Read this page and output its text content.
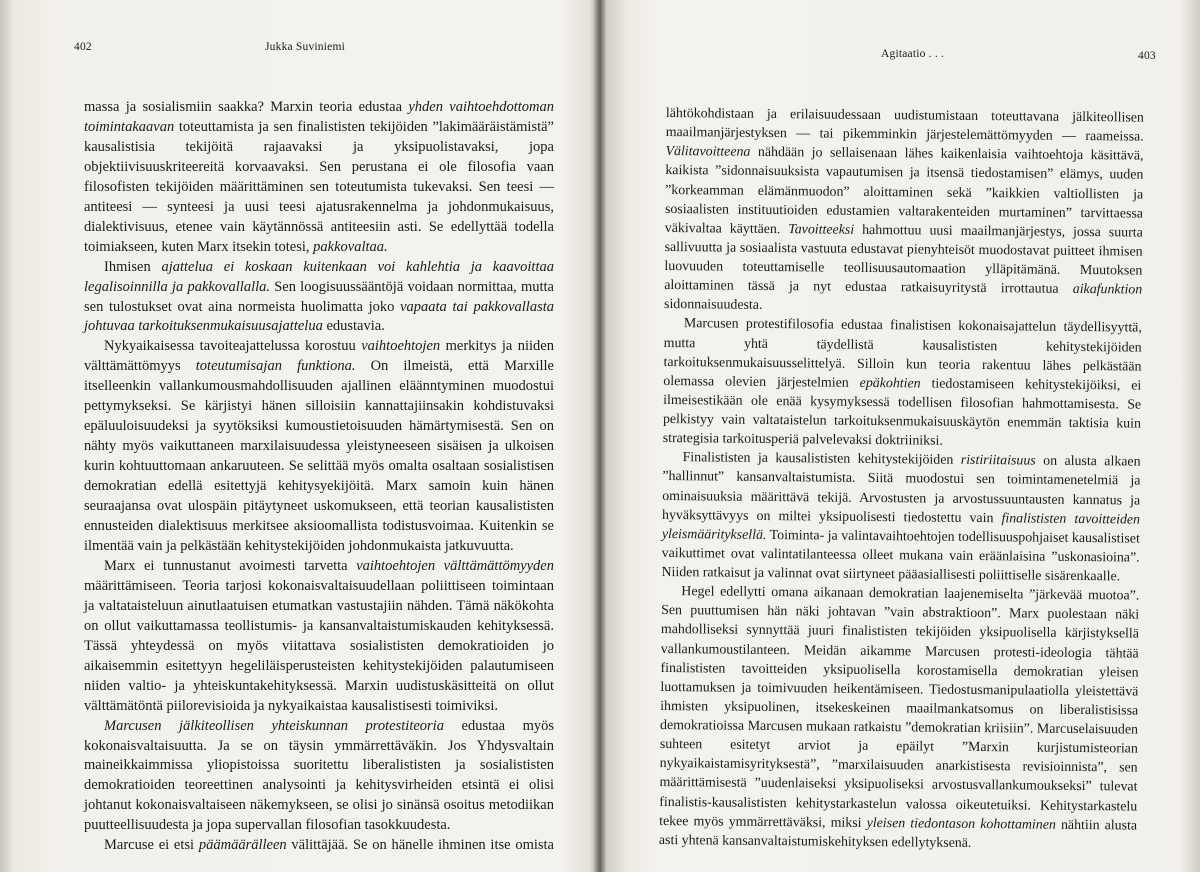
402	Jukka Suviniemi

massa ja sosialismiin saakka? Marxin teoria edustaa yhden vaihtoehdottoman toimintakaavan toteuttamista ja sen finalististen tekijöiden ”lakimääräistämistä” kausalistisia tekijöitä rajaavaksi ja yksipuolistavaksi, jopa objektiivisuuskriteereitä korvaavaksi. Sen perustana ei ole filosofia vaan filosofisten tekijöiden määrittäminen sen toteutumista tukevaksi. Sen teesi — antiteesi — synteesi ja uusi teesi ajatusrakennelma ja johdonmukaisuus, dialektivisuus, etenee vain käytännössä antiteesiin asti. Se edellyttää todella toimiakseen, kuten Marx itsekin totesi, pakkovaltaa.

Ihmisen ajattelua ei koskaan kuitenkaan voi kahlehtia ja kaavoittaa legalisoinnilla ja pakkovallalla. Sen loogisuussääntöjä voidaan normittaa, mutta sen tulostukset ovat aina normeista huolimatta joko vapaata tai pakkovallasta johtuvaa tarkoituksenmukaisuusajattelua edustavia.

Nykyaikaisessa tavoiteajattelussa korostuu vaihtoehtojen merkitys ja niiden välttämättömyys toteutumisajan funktiona. On ilmeistä, että Marxille itselleenkin vallankumousmahdollisuuden ajallinen eläänntyminen muodostui pettymykseksi. Se kärjistyi hänen silloisiin kannattajiinsakin kohdistuvaksi epäluuloisuudeksi ja syytöksiksi kumoustietoisuuden hämärtymisestä. Sen on nähty myös vaikuttaneen marxilaisuudessa yleistyneeseen sisäisen ja ulkoisen kurin kohtuuttomaan ankaruuteen. Se selittää myös omalta osaltaan sosialistisen demokratian edellä esitettyjä kehitysyekijöitä. Marx samoin kuin hänen seuraajansa ovat ulospäin pitäytyneet uskomukseen, että teorian kausalististen ennusteiden dialektisuus merkitsee aksioomallista todistusvoimaa. Kuitenkin se ilmentää vain ja pelkästään kehitystekijöiden johdonmukaista jatkuvuutta.

Marx ei tunnustanut avoimesti tarvetta vaihtoehtojen välttämättömyyden määrittämiseen. Teoria tarjosi kokonaisvaltaisuudellaan poliittiseen toimintaan ja valtataisteluun ainutlaatuisen etumatkan vastustajiin nähden. Tämä näkökohta on ollut vaikuttamassa teollistumis- ja kansanvaltaistumiskauden kehityksessä. Tässä yhteydessä on myös viitattava sosialististen demokratioiden jo aikaisemmin esitettyyn hegeliläisperusteisten kehitystekijöiden palautumiseen niiden valtio- ja yhteiskuntakehityksessä. Marxin uudistuskäsitteitä on ollut välttämätöntä piilorevisioida ja nykyaikaistaa kausalistisesti toimiviksi.

Marcusen jälkiteollisen yhteiskunnan protestiteoria edustaa myös kokonaisvaltaisuutta. Ja se on täysin ymmärrettäväkin. Jos Yhdysvaltain maineikkaimmissa yliopistoissa suoritettu liberalististen ja sosialististen demokratioiden teoreettinen analysointi ja kehitysvirheiden etsintä ei olisi johtanut kokonaisvaltaiseen näkemykseen, se olisi jo sinänsä osoitus metodiikan puutteellisuudesta ja jopa supervallan filosofian tasokkuudesta.

Marcuse ei etsi päämäärälleen välittäjää. Se on hänelle ihminen itse omista

Agitaatio . . .	403

lähtökohdistaan ja erilaisuudessaan uudistumistaan toteuttavana jälkiteollisen maailmanjärjestyksen — tai pikemminkin järjestelemättömyyden — raameissa. Välitavoitteena nähdään jo sellaisenaan lähes kaikenlaisia vaihtoehtoja käsittävä, kaikista ”sidonnaisuuksista vapautumisen ja itsensä tiedostamisen” elämys, uuden ”korkeamman elämänmuodon” aloittaminen sekä ”kaikkien valtiollisten ja sosiaalisten instituutioiden edustamien valtarakenteiden murtaminen” tarvittaessa väkivaltaa käyttäen. Tavoitteeksi hahmottuu uusi maailmanjärjestys, jossa suurta sallivuutta ja sosiaalista vastuuta edustavat pienyhteisöt muodostavat puitteet ihmisen luovuuden toteuttamiselle teollisuusautomaation ylläpitämänä. Muutoksen aloittaminen tässä ja nyt edustaa ratkaisuyritystä irrottautua aikafunktion sidonnaisuudesta.

Marcusen protestifilosofia edustaa finalistisen kokonaisajattelun täydellisyyttä, mutta yhtä täydellistä kausalististen kehitystekijöiden tarkoituksenmukaisuusselittelyä. Silloin kun teoria rakentuu lähes pelkästään olemassa olevien järjestelmien epäkohtien tiedostamiseen kehitystekijöiksi, ei ilmeisestikään ole enää kysymyksessä todellisen filosofian hahmottamisesta. Se pelkistyy vain valtataistelun tarkoituksenmukaisuuskäytön enemmän taktisia kuin strategisia tarkoitusperiä palvelevaksi doktriiniksi.

Finalististen ja kausalististen kehitystekijöiden ristiriitaisuus on alusta alkaen ”hallinnut” kansanvaltaistumista. Siitä muodostui sen toimintamenetelmiä ja ominaisuuksia määrittävä tekijä. Arvostusten ja arvostussuuntausten kannatus ja hyväksyttävyys on miltei yksipuolisesti tiedostettu vain finalististen tavoitteiden yleismäärityksellä. Toiminta- ja valintavaihtoehtojen todellisuuspohjaiset kausalistiset vaikuttimet ovat valintatilanteessa olleet mukana vain eräänlaisina ”uskonasioina”. Niiden ratkaisut ja valinnat ovat siirtyneet pääasiallisesti poliittiselle sisärenkaalle.

Hegel edellytti omana aikanaan demokratian laajenemiselta ”järkevää muotoa”. Sen puuttumisen hän näki johtavan ”vain abstraktioon”. Marx puolestaan näki mahdolliseksi synnyttää juuri finalististen tekijöiden yksipuolisella kärjistyksellä vallankumoustilanteen. Meidän aikamme Marcusen protesti-ideologia tähtää finalististen tavoitteiden yksipuolisella korostamisella demokratian yleisen luottamuksen ja toimivuuden heikentämiseen. Tiedostusmanipulaatiolla yleistettävä ihmisten yksipuolinen, itsekeskeinen maailmankatsomus on liberalistisissa demokratioissa Marcusen mukaan ratkaistu ”demokratian kriisiin”. Marcuselaisuuden suhteen esitetyt arviot ja epäilyt ”Marxin kurjistumisteorian nykyaikaistamisyrityksestä”, ”marxilaisuuden anarkistisesta revisioinnista”, sen määrittämisestä ”uudenlaiseksi yksipuoliseksi arvostusvallankumoukseksi” tulevat finalistis-kausalististen kehitystarkastelun valossa oikeutetuiksi. Kehitystarkastelu tekee myös ymmärrettäväksi, miksi yleisen tiedontason kohottaminen nähtiin alusta asti yhtenä kansanvaltaistumiskehityksen edellytyksenä.
